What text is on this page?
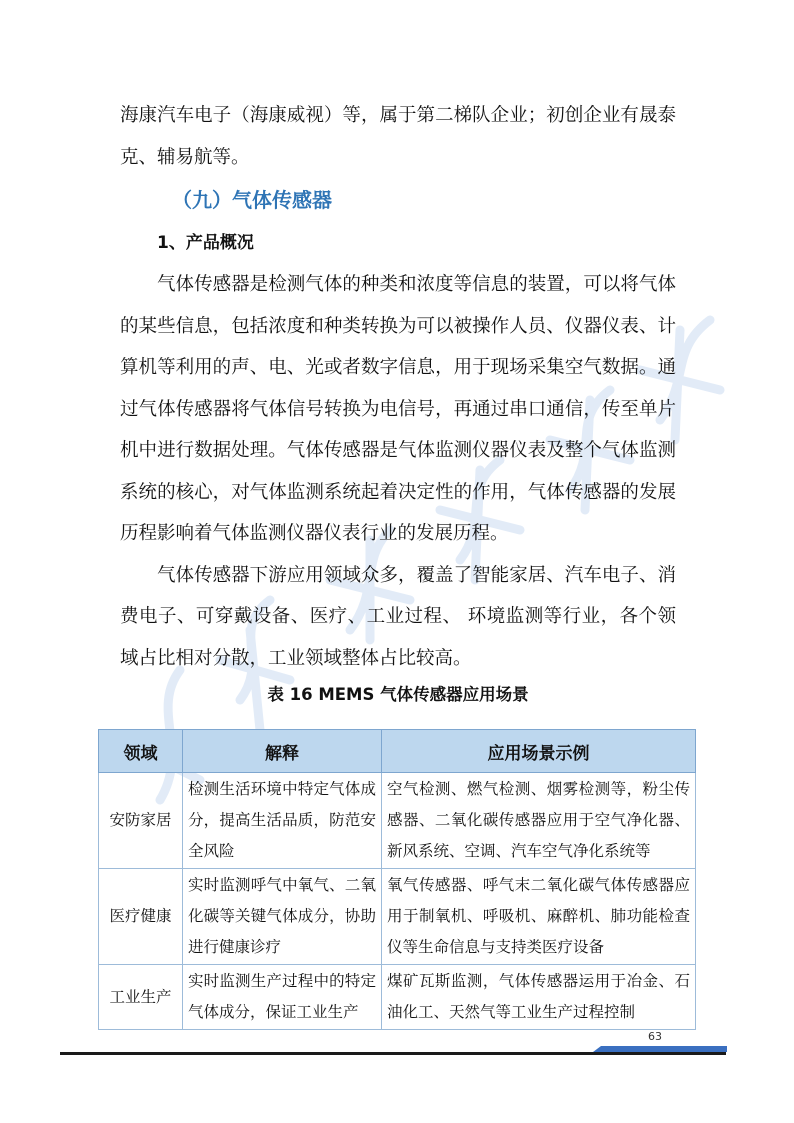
海康汽车电子（海康威视）等，属于第二梯队企业；初创企业有晟泰克、辅易航等。

（九）气体传感器
1、产品概况

气体传感器是检测气体的种类和浓度等信息的装置，可以将气体的某些信息，包括浓度和种类转换为可以被操作人员、仪器仪表、计算机等利用的声、电、光或者数字信息，用于现场采集空气数据。通过气体传感器将气体信号转换为电信号，再通过串口通信，传至单片机中进行数据处理。气体传感器是气体监测仪器仪表及整个气体监测系统的核心，对气体监测系统起着决定性的作用，气体传感器的发展历程影响着气体监测仪器仪表行业的发展历程。

气体传感器下游应用领域众多，覆盖了智能家居、汽车电子、消费电子、可穿戴设备、医疗、工业过程、 环境监测等行业，各个领域占比相对分散，工业领域整体占比较高。

表 16 MEMS 气体传感器应用场景
领域	解释	应用场景示例
安防家居	检测生活环境中特定气体成分，提高生活品质，防范安全风险	空气检测、燃气检测、烟雾检测等，粉尘传感器、二氧化碳传感器应用于空气净化器、新风系统、空调、汽车空气净化系统等
医疗健康	实时监测呼气中氧气、二氧化碳等关键气体成分，协助进行健康诊疗	氧气传感器、呼气末二氧化碳气体传感器应用于制氧机、呼吸机、麻醉机、肺功能检查仪等生命信息与支持类医疗设备
工业生产	实时监测生产过程中的特定气体成分，保证工业生产	煤矿瓦斯监测，气体传感器运用于冶金、石油化工、天然气等工业生产过程控制
63
